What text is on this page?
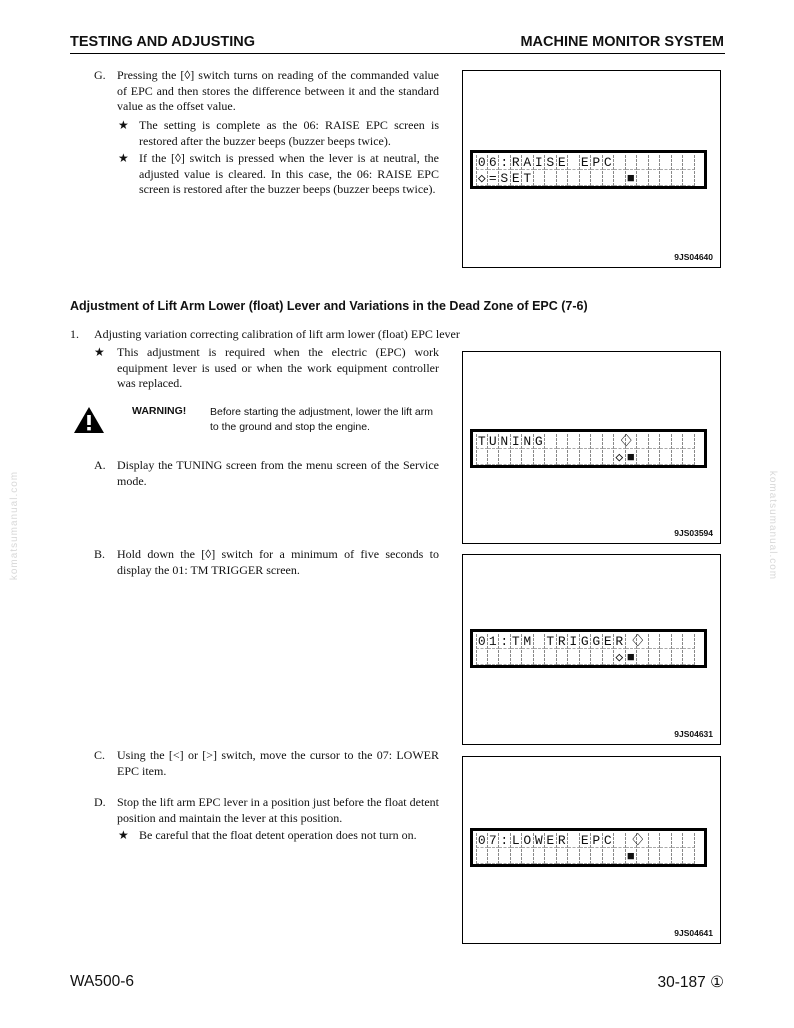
TESTING AND ADJUSTING	MACHINE MONITOR SYSTEM
G. Pressing the [◊] switch turns on reading of the commanded value of EPC and then stores the difference between it and the standard value as the offset value.
★ The setting is complete as the 06: RAISE EPC screen is restored after the buzzer beeps (buzzer beeps twice).
★ If the [◊] switch is pressed when the lever is at neutral, the adjusted value is cleared. In this case, the 06: RAISE EPC screen is restored after the buzzer beeps (buzzer beeps twice).
0 6 : R A I S E E P C
◇ = S E T	■
9JS04640
Adjustment of Lift Arm Lower (float) Lever and Variations in the Dead Zone of EPC (7-6)
1. Adjusting variation correcting calibration of lift arm lower (float) EPC lever
★ This adjustment is required when the electric (EPC) work equipment lever is used or when the work equipment controller was replaced.
WARNING! Before starting the adjustment, lower the lift arm to the ground and stop the engine.
A. Display the TUNING screen from the menu screen of the Service mode.
T U N I N G	〈
〉
◇ ■
9JS03594
B. Hold down the [◊] switch for a minimum of five seconds to display the 01: TM TRIGGER screen.
0 1 : T M T R I G G E R 〈
〉
◇ ■
9JS04631
C. Using the [<] or [>] switch, move the cursor to the 07: LOWER EPC item.
D. Stop the lift arm EPC lever in a position just before the float detent position and maintain the lever at this position.
★ Be careful that the float detent operation does not turn on.	0 7 : L O W E R E P C 〈
〉
■
9JS04641
komatsumanual.com	komatsumanual.com
WA500-6	30-187 ①
